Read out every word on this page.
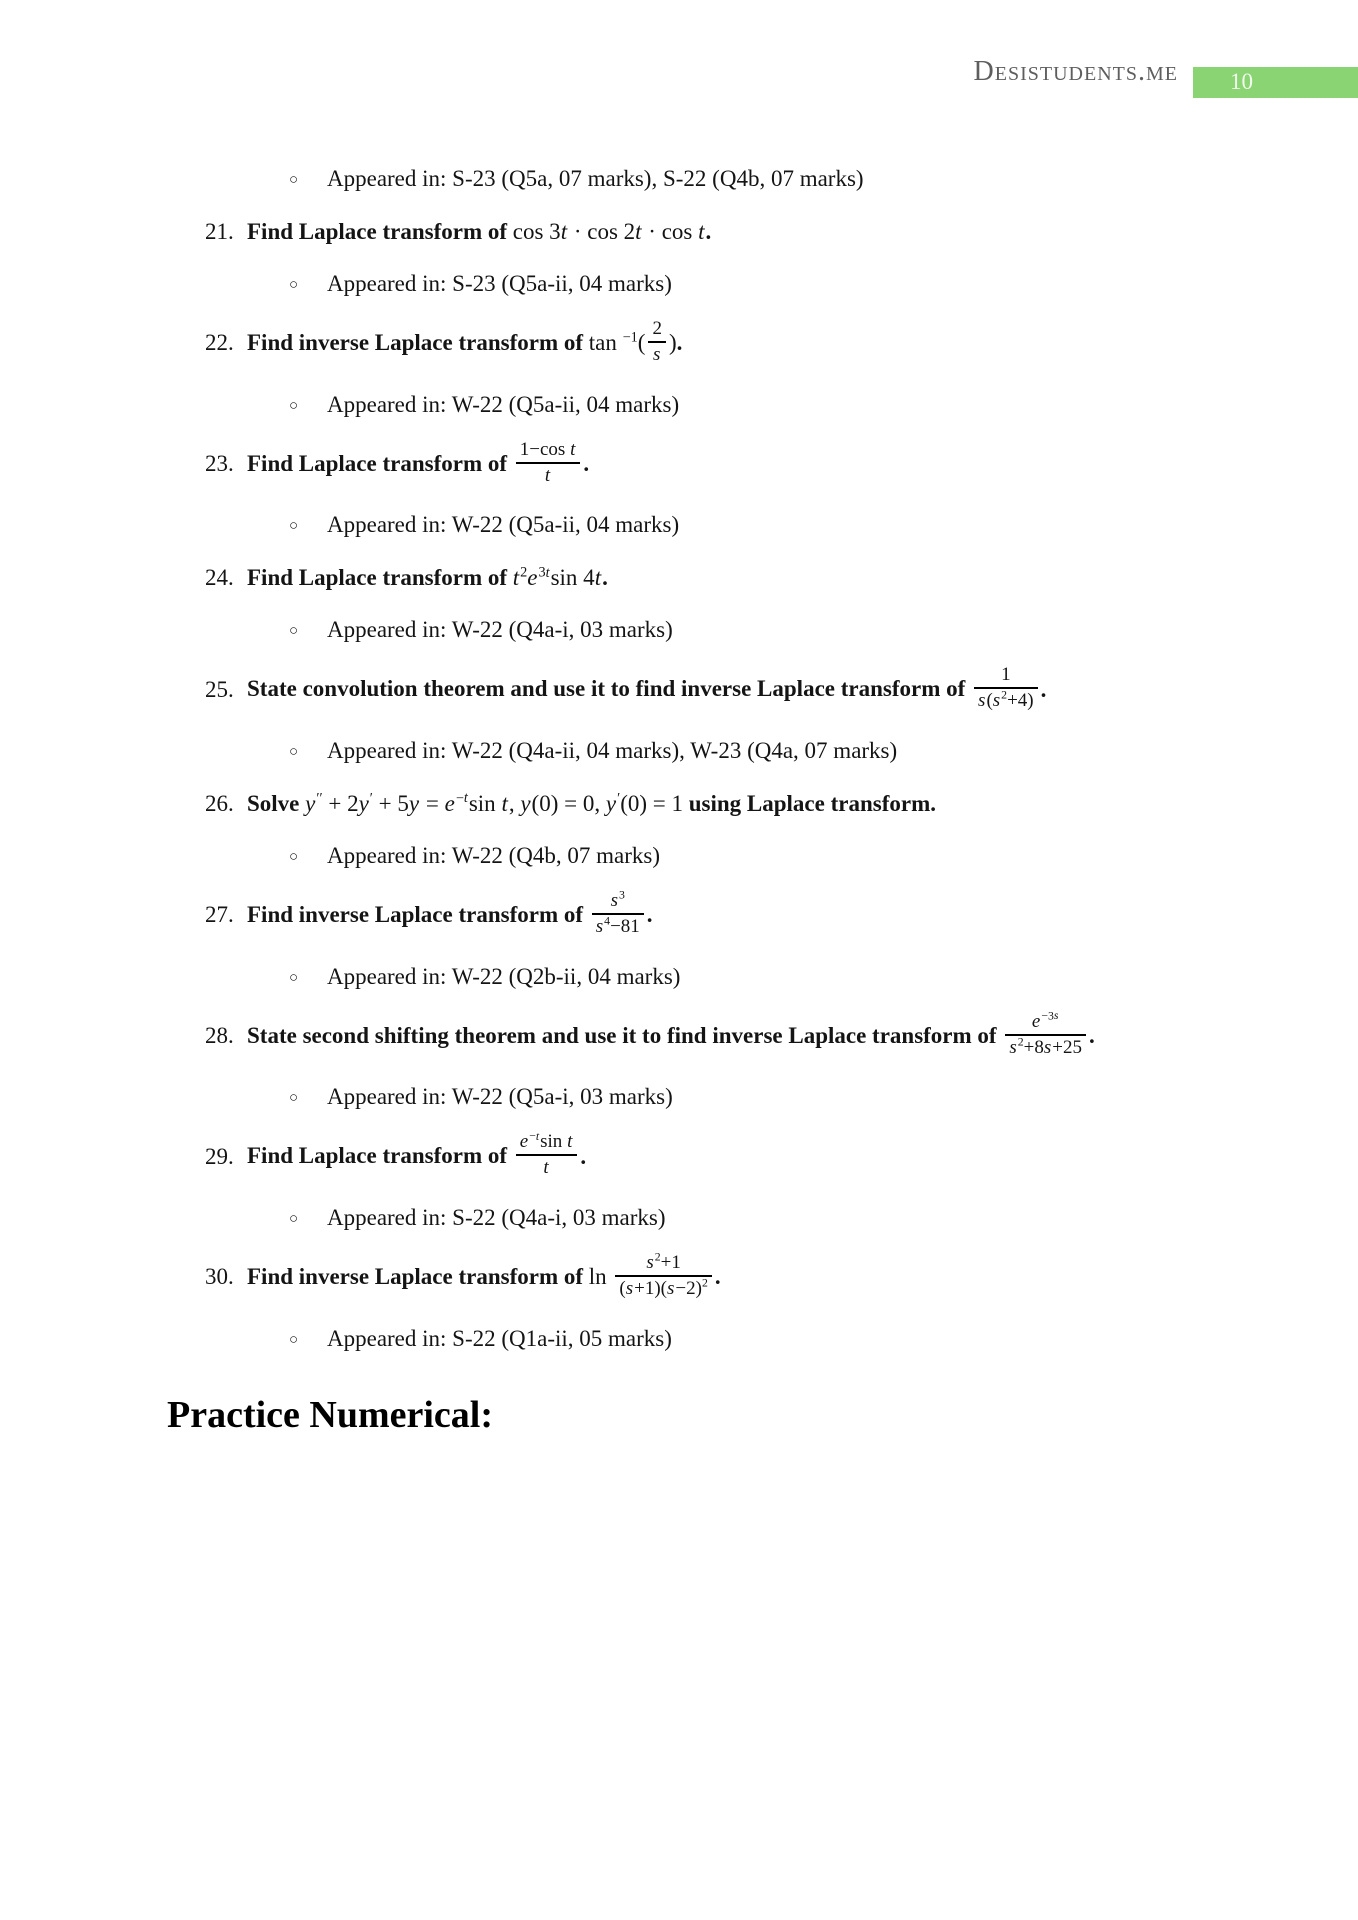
Desistudents.me	10
○ Appeared in: S-23 (Q5a, 07 marks), S-22 (Q4b, 07 marks)
21. Find Laplace transform of cos 3t · cos 2t · cos t.
○ Appeared in: S-23 (Q5a-ii, 04 marks)
22. Find inverse Laplace transform of $\tan ^{-1}( \frac{2}{s}$ ).
○ Appeared in: W-22 (Q5a-ii, 04 marks)
23. Find Laplace transform of $\frac{\text{1−cos t}}{t}$ .
○ Appeared in: W-22 (Q5a-ii, 04 marks)
24. Find Laplace transform of $t^2e^{3t}\sin$ 4t.
○ Appeared in: W-22 (Q4a-i, 03 marks)
25. State convolution theorem and use it to find inverse Laplace transform of $\frac{1}{s(s^2+4)}$ .
○ Appeared in: W-22 (Q4a-ii, 04 marks), W-23 (Q4a, 07 marks)
26. Solve $y'' + 2y' + 5y = e^{-t}\sin$ t, y(0) = 0, y′(0) = 1 using Laplace transform.
○ Appeared in: W-22 (Q4b, 07 marks)
27. Find inverse Laplace transform of $\frac{s^3}{s^4-81}$ .
○ Appeared in: W-22 (Q2b-ii, 04 marks)
28. State second shifting theorem and use it to find inverse Laplace transform of $\frac{e^{-3s}}{s^2+8s+25}$ .
○ Appeared in: W-22 (Q5a-i, 03 marks)
29. Find Laplace transform of $\frac{e^{-t}\sin t}{t}$ .
○ Appeared in: S-22 (Q4a-i, 03 marks)
30. Find inverse Laplace transform of $\ln \frac{s^2+1}{(s+1)(s-2)^2}$ .
○ Appeared in: S-22 (Q1a-ii, 05 marks)
Practice Numerical:
